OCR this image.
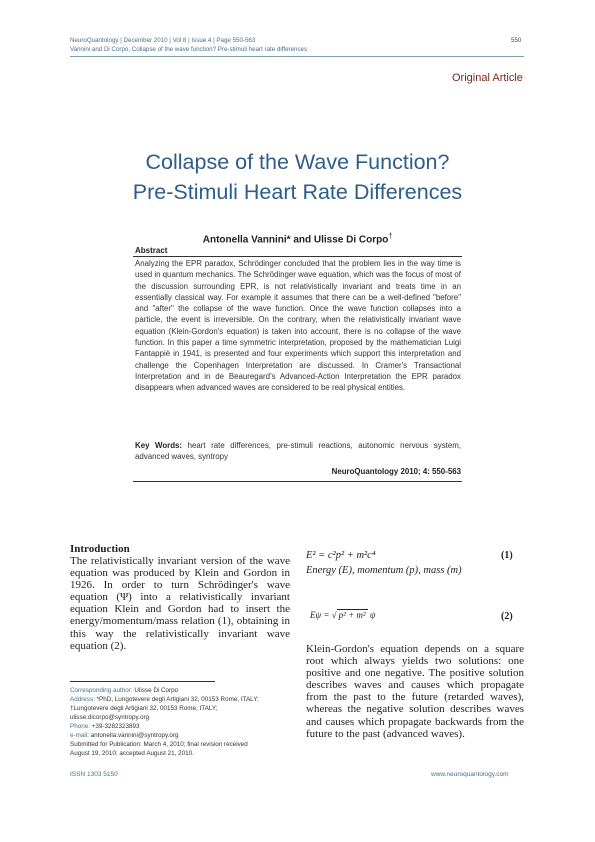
NeuroQuantology | December 2010 | Vol 8 | Issue 4 | Page 550-563
Vannini and Di Corpo, Collapse of the wave function? Pre-stimuli heart rate differences
550
Original Article
Collapse of the Wave Function?
Pre-Stimuli Heart Rate Differences
Antonella Vannini* and Ulisse Di Corpo†
Abstract
Analyzing the EPR paradox, Schrödinger concluded that the problem lies in the way time is used in quantum mechanics. The Schrödinger wave equation, which was the focus of most of the discussion surrounding EPR, is not relativistically invariant and treats time in an essentially classical way. For example it assumes that there can be a well-defined "before" and "after" the collapse of the wave function. Once the wave function collapses into a particle, the event is irreversible. On the contrary, when the relativistically invariant wave equation (Klein-Gordon's equation) is taken into account, there is no collapse of the wave function. In this paper a time symmetric interpretation, proposed by the mathematician Luigi Fantappiè in 1941, is presented and four experiments which support this interpretation and challenge the Copenhagen Interpretation are discussed. In Cramer's Transactional Interpretation and in de Beauregard's Advanced-Action Interpretation the EPR paradox disappears when advanced waves are considered to be real physical entities.
Key Words: heart rate differences, pre-stimuli reactions, autonomic nervous system, advanced waves, syntropy
NeuroQuantology 2010; 4: 550-563
Introduction
The relativistically invariant version of the wave equation was produced by Klein and Gordon in 1926. In order to turn Schrödinger's wave equation (Ψ) into a relativistically invariant equation Klein and Gordon had to insert the energy/momentum/mass relation (1), obtaining in this way the relativistically invariant wave equation (2).
E² = c²p² + m²c⁴	(1)
Energy (E), momentum (p), mass (m)
Eψ = √ p² + m² ψ	(2)
Klein-Gordon's equation depends on a square root which always yields two solutions: one positive and one negative. The positive solution describes waves and causes which propagate from the past to the future (retarded waves), whereas the negative solution describes waves and causes which propagate backwards from the future to the past (advanced waves).
Corresponding author: Ulisse Di Corpo
Address: *PhD, Lungotevere degli Artigiani 32, 00153 Rome, ITALY;
†Lungotevere degli Artigiani 32, 00153 Rome, ITALY;
ulisse.dicorpo@syntropy.org
Phone: +39-3282323893
e-mail: antonella.vannini@syntropy.org
Submitted for Publication: March 4, 2010; final revision received
August 19, 2010; accepted August 21, 2010.
ISSN 1303 5150	www.neuroquantology.com
